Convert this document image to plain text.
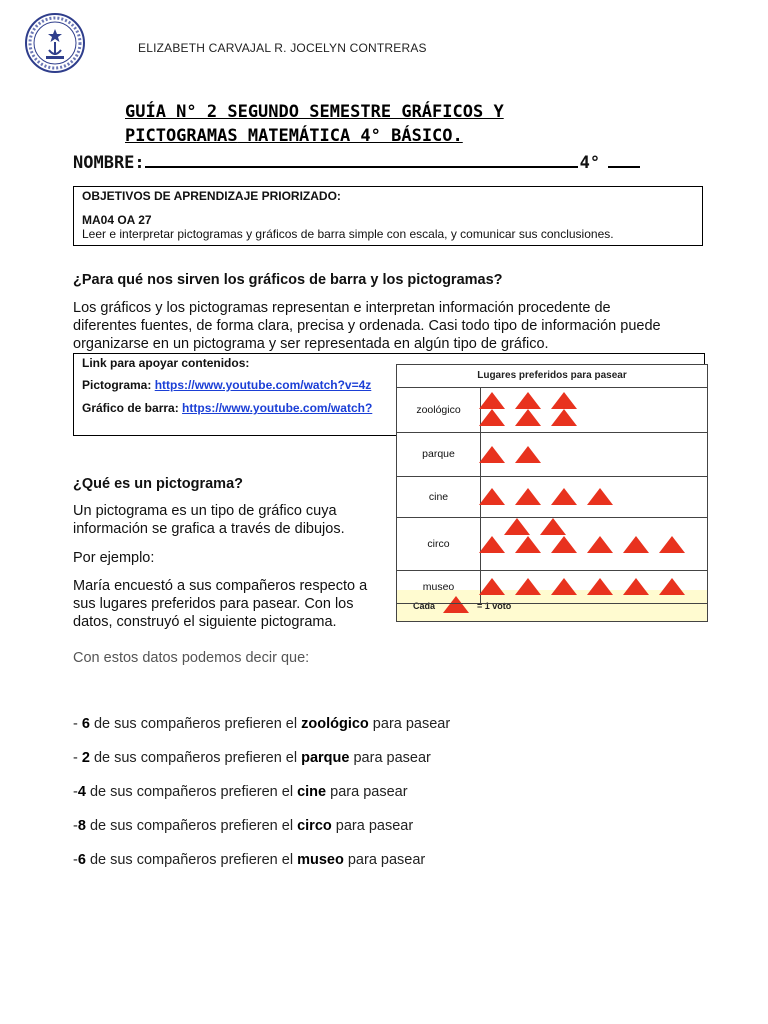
ELIZABETH CARVAJAL R. JOCELYN CONTRERAS
GUÍA N° 2 SEGUNDO SEMESTRE GRÁFICOS Y
PICTOGRAMAS MATEMÁTICA 4° BÁSICO.
NOMBRE:	4°
OBJETIVOS DE APRENDIZAJE PRIORIZADO:
MA04 OA 27
Leer e interpretar pictogramas y gráficos de barra simple con escala, y comunicar sus conclusiones.
¿Para qué nos sirven los gráficos de barra y los pictogramas?
Los gráficos y los pictogramas representan e interpretan información procedente de diferentes fuentes, de forma clara, precisa y ordenada. Casi todo tipo de información puede organizarse en un pictograma y ser representada en algún tipo de gráfico.
Link para apoyar contenidos:
Pictograma: https://www.youtube.com/watch?v=4z
Gráfico de barra: https://www.youtube.com/watch?
¿Qué es un pictograma?
Un pictograma es un tipo de gráfico cuya información se grafica a través de dibujos.
Por ejemplo:
María encuestó a sus compañeros respecto a sus lugares preferidos para pasear. Con los datos, construyó el siguiente pictograma.
Con estos datos podemos decir que:
Lugares preferidos para pasear
Cada	= 1 voto
zoológico
parque
cine
circo
museo
- 6 de sus compañeros prefieren el zoológico para pasear
- 2 de sus compañeros prefieren el parque para pasear
-4 de sus compañeros prefieren el cine para pasear
-8 de sus compañeros prefieren el circo para pasear
-6 de sus compañeros prefieren el museo para pasear
